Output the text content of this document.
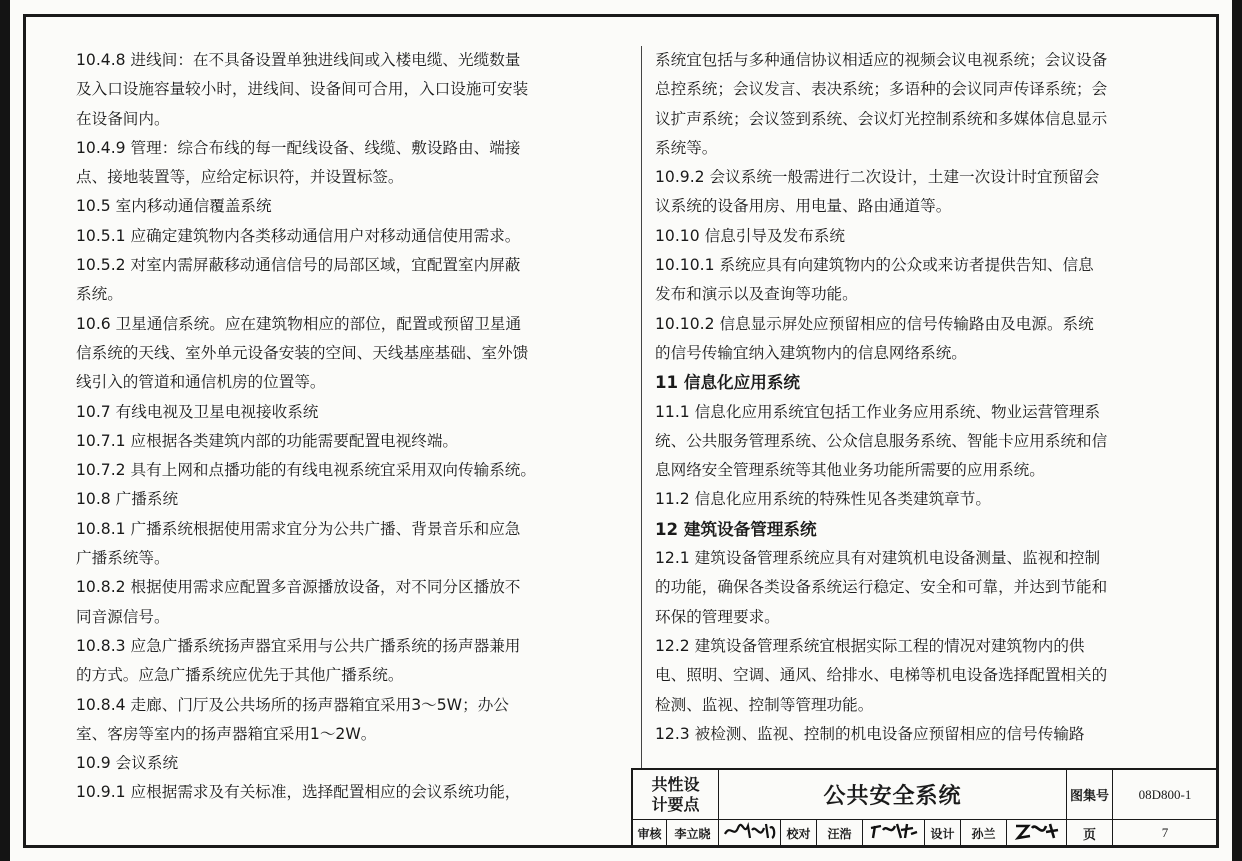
10.4.8 进线间：在不具备设置单独进线间或入楼电缆、光缆数量
及入口设施容量较小时，进线间、设备间可合用，入口设施可安装
在设备间内。
10.4.9 管理：综合布线的每一配线设备、线缆、敷设路由、端接
点、接地装置等，应给定标识符，并设置标签。
10.5 室内移动通信覆盖系统
10.5.1 应确定建筑物内各类移动通信用户对移动通信使用需求。
10.5.2 对室内需屏蔽移动通信信号的局部区域，宜配置室内屏蔽
系统。
10.6 卫星通信系统。应在建筑物相应的部位，配置或预留卫星通
信系统的天线、室外单元设备安装的空间、天线基座基础、室外馈
线引入的管道和通信机房的位置等。
10.7 有线电视及卫星电视接收系统
10.7.1 应根据各类建筑内部的功能需要配置电视终端。
10.7.2 具有上网和点播功能的有线电视系统宜采用双向传输系统。
10.8 广播系统
10.8.1 广播系统根据使用需求宜分为公共广播、背景音乐和应急
广播系统等。
10.8.2 根据使用需求应配置多音源播放设备，对不同分区播放不
同音源信号。
10.8.3 应急广播系统扬声器宜采用与公共广播系统的扬声器兼用
的方式。应急广播系统应优先于其他广播系统。
10.8.4 走廊、门厅及公共场所的扬声器箱宜采用3～5W；办公
室、客房等室内的扬声器箱宜采用1～2W。
10.9 会议系统
10.9.1 应根据需求及有关标准，选择配置相应的会议系统功能，
系统宜包括与多种通信协议相适应的视频会议电视系统；会议设备
总控系统；会议发言、表决系统；多语种的会议同声传译系统；会
议扩声系统；会议签到系统、会议灯光控制系统和多媒体信息显示
系统等。
10.9.2 会议系统一般需进行二次设计，土建一次设计时宜预留会
议系统的设备用房、用电量、路由通道等。
10.10 信息引导及发布系统
10.10.1 系统应具有向建筑物内的公众或来访者提供告知、信息
发布和演示以及查询等功能。
10.10.2 信息显示屏处应预留相应的信号传输路由及电源。系统
的信号传输宜纳入建筑物内的信息网络系统。
11 信息化应用系统
11.1 信息化应用系统宜包括工作业务应用系统、物业运营管理系
统、公共服务管理系统、公众信息服务系统、智能卡应用系统和信
息网络安全管理系统等其他业务功能所需要的应用系统。
11.2 信息化应用系统的特殊性见各类建筑章节。
12 建筑设备管理系统
12.1 建筑设备管理系统应具有对建筑机电设备测量、监视和控制
的功能，确保各类设备系统运行稳定、安全和可靠，并达到节能和
环保的管理要求。
12.2 建筑设备管理系统宜根据实际工程的情况对建筑物内的供
电、照明、空调、通风、给排水、电梯等机电设备选择配置相关的
检测、监视、控制等管理功能。
12.3 被检测、监视、控制的机电设备应预留相应的信号传输路
共性设
计要点	公共安全系统	图集号 08D800-1
审核 李立晓	校对 汪浩	设计 孙兰	页	7
